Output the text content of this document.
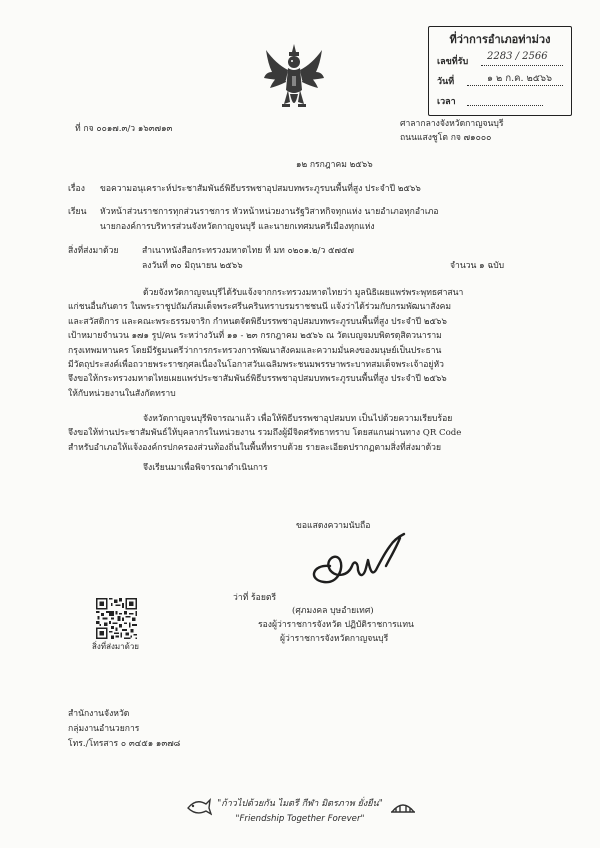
ที่ว่าการอำเภอท่าม่วง
เลขที่รับ 2283 / 2566
วันที่	๑ ๒ ก.ค. ๒๕๖๖
เวลา
ที่ กจ ๐๐๑๗.๓/ว ๑๖๓๗๑๓	ศาลากลางจังหวัดกาญจนบุรี
ถนนแสงชูโต กจ ๗๑๐๐๐
๑๒ กรกฎาคม ๒๕๖๖
เรื่อง ขอความอนุเคราะห์ประชาสัมพันธ์พิธีบรรพชาอุปสมบทพระภูรบนพื้นที่สูง ประจำปี ๒๕๖๖
เรียน หัวหน้าส่วนราชการทุกส่วนราชการ หัวหน้าหน่วยงานรัฐวิสาหกิจทุกแห่ง นายอำเภอทุกอำเภอ
นายกองค์การบริหารส่วนจังหวัดกาญจนบุรี และนายกเทศมนตรีเมืองทุกแห่ง
สิ่งที่ส่งมาด้วย	สำเนาหนังสือกระทรวงมหาดไทย ที่ มท ๐๒๐๑.๒/ว ๕๗๕๗
ลงวันที่ ๓๐ มิถุนายน ๒๕๖๖	จำนวน ๑ ฉบับ
ด้วยจังหวัดกาญจนบุรีได้รับแจ้งจากกระทรวงมหาดไทยว่า มูลนิธิเผยแพร่พระพุทธศาสนา
แก่ชนอื่นกันดาร ในพระราชูปถัมภ์สมเด็จพระศรีนครินทราบรมราชชนนี แจ้งว่าได้ร่วมกับกรมพัฒนาสังคม
และสวัสดิการ และคณะพระธรรมจาริก กำหนดจัดพิธีบรรพชาอุปสมบทพระภูรบนพื้นที่สูง ประจำปี ๒๕๖๖
เป้าหมายจำนวน ๑๗๑ รูป/คน ระหว่างวันที่ ๑๑ - ๒๓ กรกฎาคม ๒๕๖๖ ณ วัดเบญจมบพิตรดุสิตวนาราม
กรุงเทพมหานคร โดยมีรัฐมนตรีว่าการกระทรวงการพัฒนาสังคมและความมั่นคงของมนุษย์เป็นประธาน
มีวัตถุประสงค์เพื่อถวายพระราชกุศลเนื่องในโอกาสวันเฉลิมพระชนมพรรษาพระบาทสมเด็จพระเจ้าอยู่หัว
จึงขอให้กระทรวงมหาดไทยเผยแพร่ประชาสัมพันธ์พิธีบรรพชาอุปสมบทพระภูรบนพื้นที่สูง ประจำปี ๒๕๖๖
ให้กับหน่วยงานในสังกัดทราบ
จังหวัดกาญจนบุรีพิจารณาแล้ว เพื่อให้พิธีบรรพชาอุปสมบท เป็นไปด้วยความเรียบร้อย
จึงขอให้ท่านประชาสัมพันธ์ให้บุคลากรในหน่วยงาน รวมถึงผู้มีจิตศรัทธาทราบ โดยสแกนผ่านทาง QR Code
สำหรับอำเภอให้แจ้งองค์กรปกครองส่วนท้องถิ่นในพื้นที่ทราบด้วย รายละเอียดปรากฏตามสิ่งที่ส่งมาด้วย
จึงเรียนมาเพื่อพิจารณาดำเนินการ
ขอแสดงความนับถือ
ว่าที่ ร้อยตรี
(ศุภมงคล บุษอำยเทศ)
รองผู้ว่าราชการจังหวัด ปฏิบัติราชการแทน
ผู้ว่าราชการจังหวัดกาญจนบุรี
สิ่งที่ส่งมาด้วย
สำนักงานจังหวัด
กลุ่มงานอำนวยการ
โทร./โทรสาร ๐ ๓๔๕๑ ๑๓๗๘
"ก้าวไปด้วยกัน ไมตรี กีฬา มิตรภาพ ยั่งยืน"
"Friendship Together Forever"
